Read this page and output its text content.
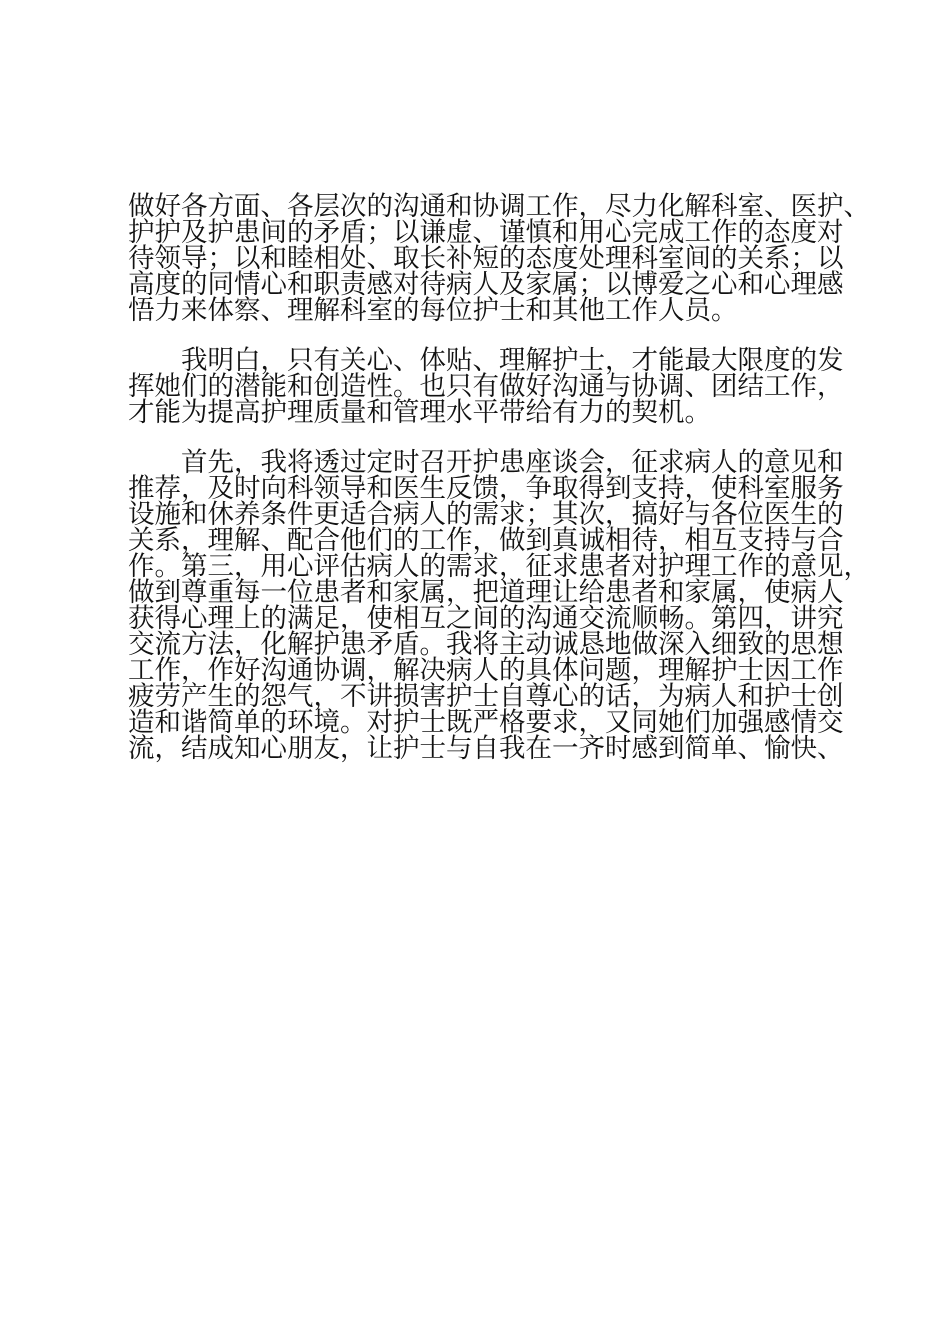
做好各方面、各层次的沟通和协调工作，尽力化解科室、医护、
护护及护患间的矛盾；以谦虚、谨慎和用心完成工作的态度对
待领导；以和睦相处、取长补短的态度处理科室间的关系；以
高度的同情心和职责感对待病人及家属；以博爱之心和心理感
悟力来体察、理解科室的每位护士和其他工作人员。
　　我明白，只有关心、体贴、理解护士，才能最大限度的发
挥她们的潜能和创造性。也只有做好沟通与协调、团结工作，
才能为提高护理质量和管理水平带给有力的契机。
　　首先，我将透过定时召开护患座谈会，征求病人的意见和
推荐，及时向科领导和医生反馈，争取得到支持，使科室服务
设施和休养条件更适合病人的需求；其次，搞好与各位医生的
关系，理解、配合他们的工作，做到真诚相待，相互支持与合
作。第三，用心评估病人的需求，征求患者对护理工作的意见，
做到尊重每一位患者和家属，把道理让给患者和家属，使病人
获得心理上的满足，使相互之间的沟通交流顺畅。第四，讲究
交流方法，化解护患矛盾。我将主动诚恳地做深入细致的思想
工作，作好沟通协调，解决病人的具体问题，理解护士因工作
疲劳产生的怨气，不讲损害护士自尊心的话，为病人和护士创
造和谐简单的环境。对护士既严格要求，又同她们加强感情交
流，结成知心朋友，让护士与自我在一齐时感到简单、愉快、
